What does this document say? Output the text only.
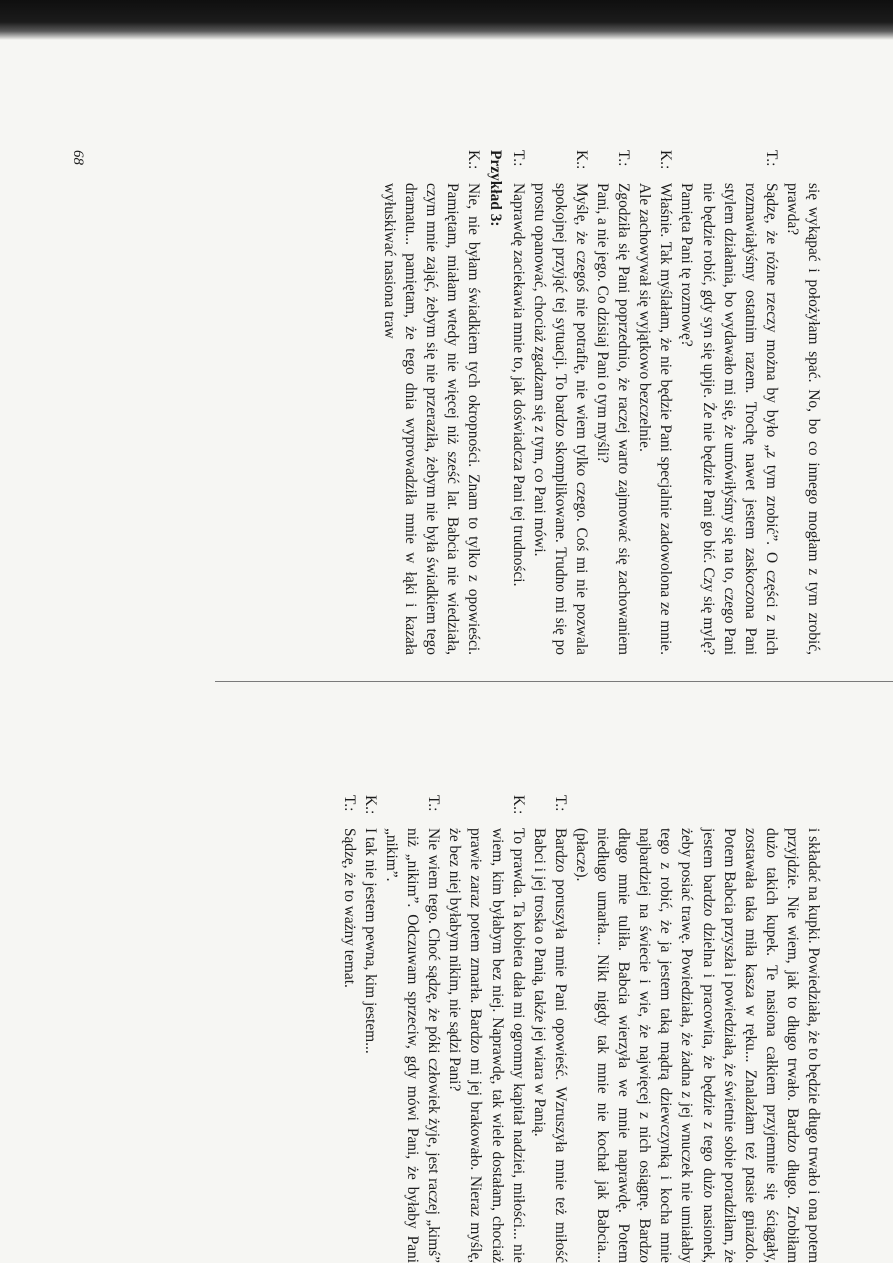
68
się wykąpać i położyłam spać. No, bo co innego mogłam z tym zrobić, prawda?
T.:
Sądzę, że różne rzeczy można by było „z tym zrobić”. O części z nich rozmawiałyśmy ostatnim razem. Trochę nawet jestem zaskoczona Pani stylem działania, bo wydawało mi się, że umówiłyśmy się na to, czego Pani nie będzie robić, gdy syn się upije. Że nie będzie Pani go bić. Czy się mylę? Pamięta Pani tę rozmowę?
K.:
Właśnie. Tak myślałam, że nie będzie Pani specjalnie zadowolona ze mnie. Ale zachowywał się wyjątkowo bezczelnie.
T.:
Zgodziła się Pani poprzednio, że raczej warto zajmować się zachowaniem Pani, a nie jego. Co dzisiaj Pani o tym myśli?
K.:
Myślę, że czegoś nie potrafię, nie wiem tylko czego. Coś mi nie pozwala spokojnej przyjąć tej sytuacji. To bardzo skomplikowane. Trudno mi się po prostu opanować, chociaż zgadzam się z tym, co Pani mówi.
T.:
Naprawdę zaciekawia mnie to, jak doświadcza Pani tej trudności.
Przykład 3:
K.:
Nie, nie byłam świadkiem tych okropności. Znam to tylko z opowieści. Pamiętam, miałam wtedy nie więcej niż sześć lat. Babcia nie wiedziała, czym mnie zająć, żebym się nie przeraziła, żebym nie była świadkiem tego dramatu... pamiętam, że tego dnia wyprowadziła mnie w łąki i kazała wyłuskiwać nasiona traw
i składać na kupki. Powiedziała, że to będzie długo trwało i ona potem przyjdzie. Nie wiem, jak to długo trwało. Bardzo długo. Zrobiłam dużo takich kupek. Te nasiona całkiem przyjemnie się ściągały, zostawała taka miła kasza w ręku... Znalazłam też ptasie gniazdo. Potem Babcia przyszła i powiedziała, że świetnie sobie poradziłam, że jestem bardzo dzielna i pracowita, że będzie z tego dużo nasionek, żeby posiać trawę. Powiedziała, że żadna z jej wnuczek nie umiałaby tego z robić, że ja jestem taką mądrą dziewczynką i kocha mnie najbardziej na świecie i wie, że najwięcej z nich osiągnę. Bardzo długo mnie tuliła. Babcia wierzyła we mnie naprawdę. Potem niedługo umarła... Nikt nigdy tak mnie nie kochał jak Babcia... (płacze).
T.:
Bardzo poruszyła mnie Pani opowieść. Wzruszyła mnie też miłość Babci i jej troska o Panią, także jej wiara w Panią.
K.:
To prawda. Ta kobieta dała mi ogromny kapitał nadziei, miłości... nie wiem, kim byłabym bez niej. Naprawdę, tak wiele dostałam, chociaż prawie zaraz potem zmarła. Bardzo mi jej brakowało. Nieraz myślę, że bez niej byłabym nikim, nie sądzi Pani?
T.:
Nie wiem tego. Choć sądzę, że póki człowiek żyje, jest raczej „kimś” niż „nikim”. Odczuwam sprzeciw, gdy mówi Pani, że byłaby Pani „nikim”.
K.:
I tak nie jestem pewna, kim jestem...
T.:
Sądzę, że to ważny temat.
